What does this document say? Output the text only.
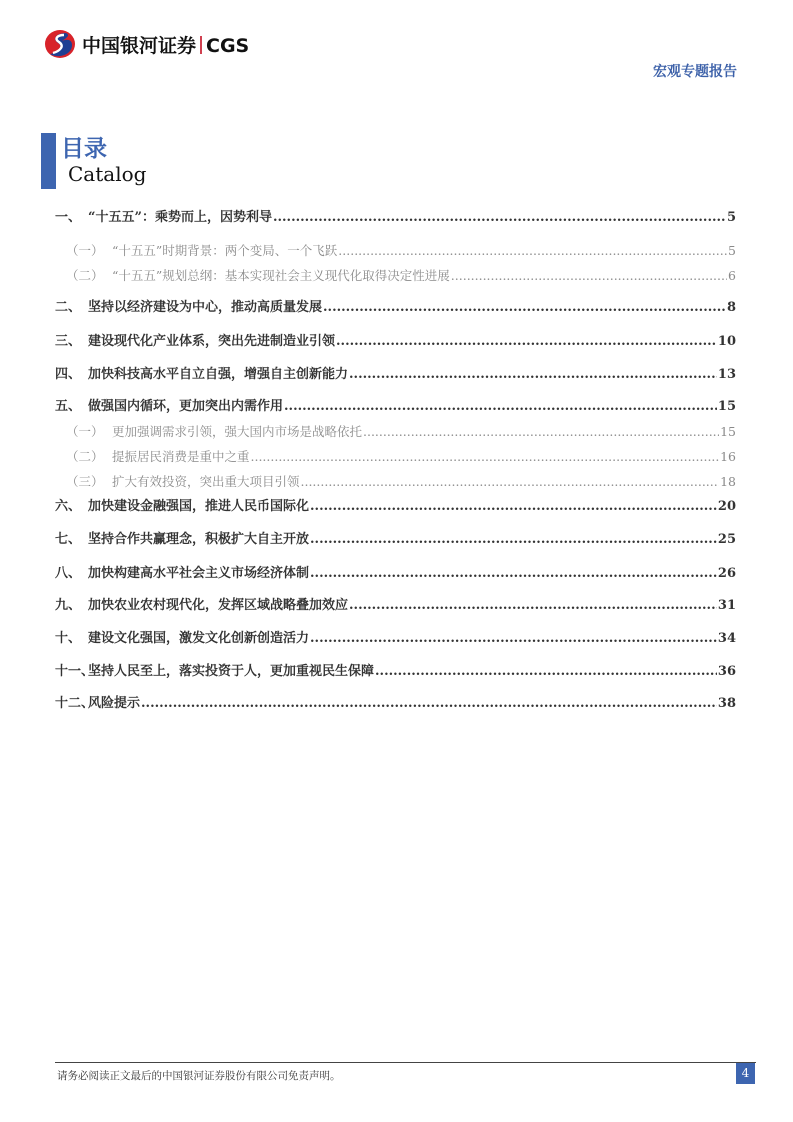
中国银河证券 CGS
宏观专题报告
目录
Catalog
一、 “十五五”：乘势而上，因势利导 .....	5
（一） “十五五”时期背景：两个变局、一个飞跃 .....	5
（二） “十五五”规划总纲：基本实现社会主义现代化取得决定性进展 .....	6
二、 坚持以经济建设为中心，推动高质量发展 .....	8
三、 建设现代化产业体系，突出先进制造业引领 .....	10
四、 加快科技高水平自立自强，增强自主创新能力 .....	13
五、 做强国内循环，更加突出内需作用 .....	15
（一） 更加强调需求引领，强大国内市场是战略依托 .....	15
（二） 提振居民消费是重中之重 .....	16
（三） 扩大有效投资，突出重大项目引领 .....	18
六、 加快建设金融强国，推进人民币国际化 .....	20
七、 坚持合作共赢理念，积极扩大自主开放 .....	25
八、 加快构建高水平社会主义市场经济体制 .....	26
九、 加快农业农村现代化，发挥区域战略叠加效应 .....	31
十、 建设文化强国，激发文化创新创造活力 .....	34
十一、坚持人民至上，落实投资于人，更加重视民生保障 .....	36
十二、风险提示 .....	38
请务必阅读正文最后的中国银河证券股份有限公司免责声明。	4
